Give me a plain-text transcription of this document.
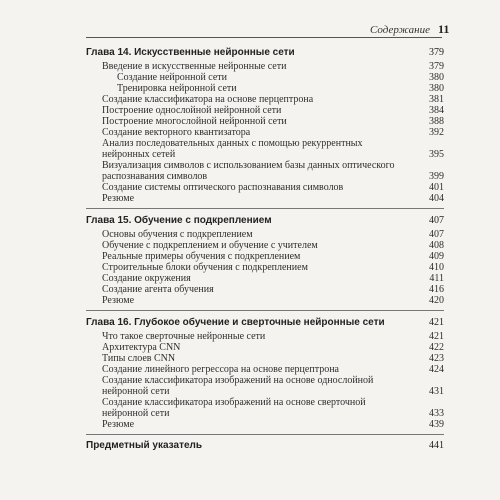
Содержание 11
Глава 14. Искусственные нейронные сети	379
Введение в искусственные нейронные сети	379
Создание нейронной сети	380
Тренировка нейронной сети	380
Создание классификатора на основе перцептрона	381
Построение однослойной нейронной сети	384
Построение многослойной нейронной сети	388
Создание векторного квантизатора	392
Анализ последовательных данных с помощью рекуррентных нейронных сетей	395
Визуализация символов с использованием базы данных оптического распознавания символов	399
Создание системы оптического распознавания символов	401
Резюме	404
Глава 15. Обучение с подкреплением	407
Основы обучения с подкреплением	407
Обучение с подкреплением и обучение с учителем	408
Реальные примеры обучения с подкреплением	409
Строительные блоки обучения с подкреплением	410
Создание окружения	411
Создание агента обучения	416
Резюме	420
Глава 16. Глубокое обучение и сверточные нейронные сети	421
Что такое сверточные нейронные сети	421
Архитектура CNN	422
Типы слоев CNN	423
Создание линейного регрессора на основе перцептрона	424
Создание классификатора изображений на основе однослойной нейронной сети	431
Создание классификатора изображений на основе сверточной нейронной сети	433
Резюме	439
Предметный указатель	441
